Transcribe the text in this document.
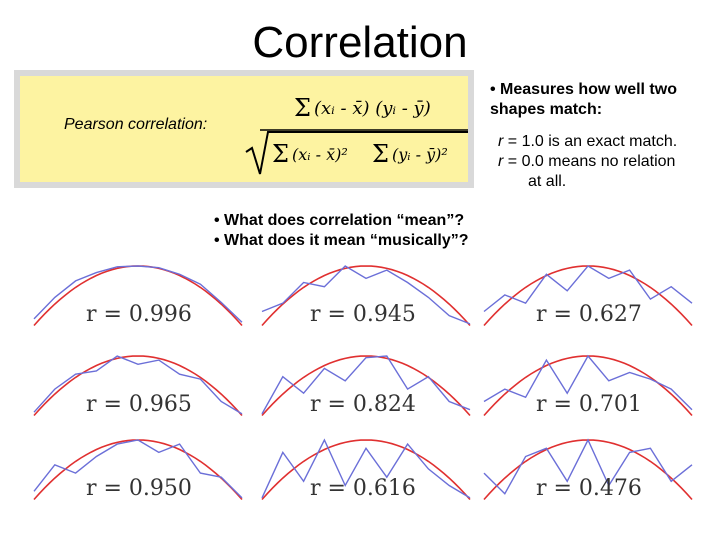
Correlation
Pearson correlation:
Σ (xᵢ - x̄) (yᵢ - ȳ)
Σ (xᵢ - x̄)² Σ (yᵢ - ȳ)²
• Measures how well two shapes match:
r = 1.0 is an exact match.
r = 0.0 means no relation
at all.
• What does correlation “mean”?
• What does it mean “musically”?
r = 0.996	r = 0.945	r = 0.627
r = 0.965	r = 0.824	r = 0.701
r = 0.950	r = 0.616	r = 0.476
